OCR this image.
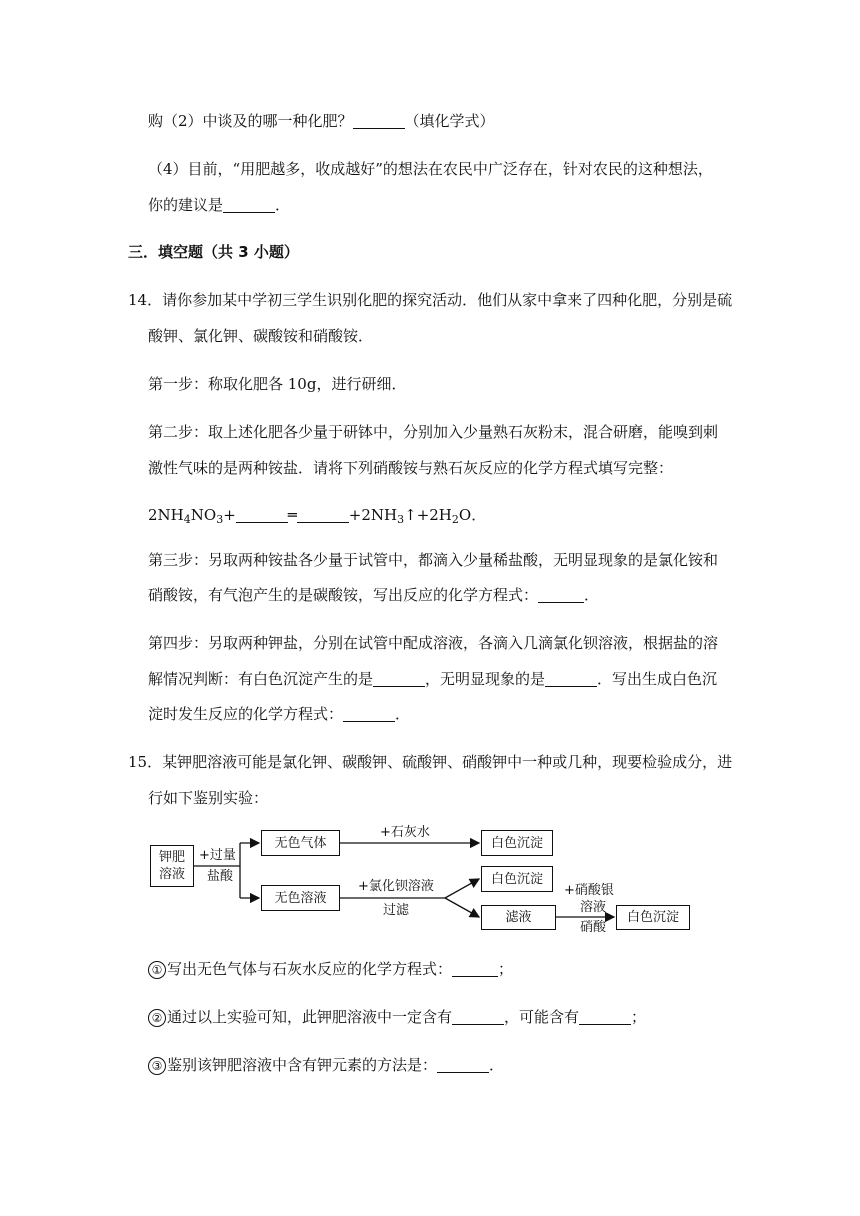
购（2）中谈及的哪一种化肥？	（填化学式）
（4）目前，“用肥越多，收成越好”的想法在农民中广泛存在，针对农民的这种想法，
你的建议是	．
三．填空题（共 3 小题）
14．请你参加某中学初三学生识别化肥的探究活动．他们从家中拿来了四种化肥，分别是硫
酸钾、氯化钾、碳酸铵和硝酸铵．
第一步：称取化肥各 10g，进行研细．
第二步：取上述化肥各少量于研钵中，分别加入少量熟石灰粉末，混合研磨，能嗅到刺
激性气味的是两种铵盐．请将下列硝酸铵与熟石灰反应的化学方程式填写完整：
$2NH_4NO_3+$	═	$+2NH_3↑+2H_2O$．
第三步：另取两种铵盐各少量于试管中，都滴入少量稀盐酸，无明显现象的是氯化铵和
硝酸铵，有气泡产生的是碳酸铵，写出反应的化学方程式：	．
第四步：另取两种钾盐，分别在试管中配成溶液，各滴入几滴氯化钡溶液，根据盐的溶
解情况判断：有白色沉淀产生的是	，无明显现象的是	．写出生成白色沉
淀时发生反应的化学方程式：	．
15．某钾肥溶液可能是氯化钾、碳酸钾、硫酸钾、硝酸钾中一种或几种，现要检验成分，进
行如下鉴别实验：
钾肥
溶液
+过量
盐酸
无色气体
+石灰水
白色沉淀
无色溶液
+氯化钡溶液
过滤
白色沉淀
滤液
+硝酸银
溶液
硝酸
白色沉淀
① 写出无色气体与石灰水反应的化学方程式：	；
② 通过以上实验可知，此钾肥溶液中一定含有	，可能含有	；
③ 鉴别该钾肥溶液中含有钾元素的方法是：	．
